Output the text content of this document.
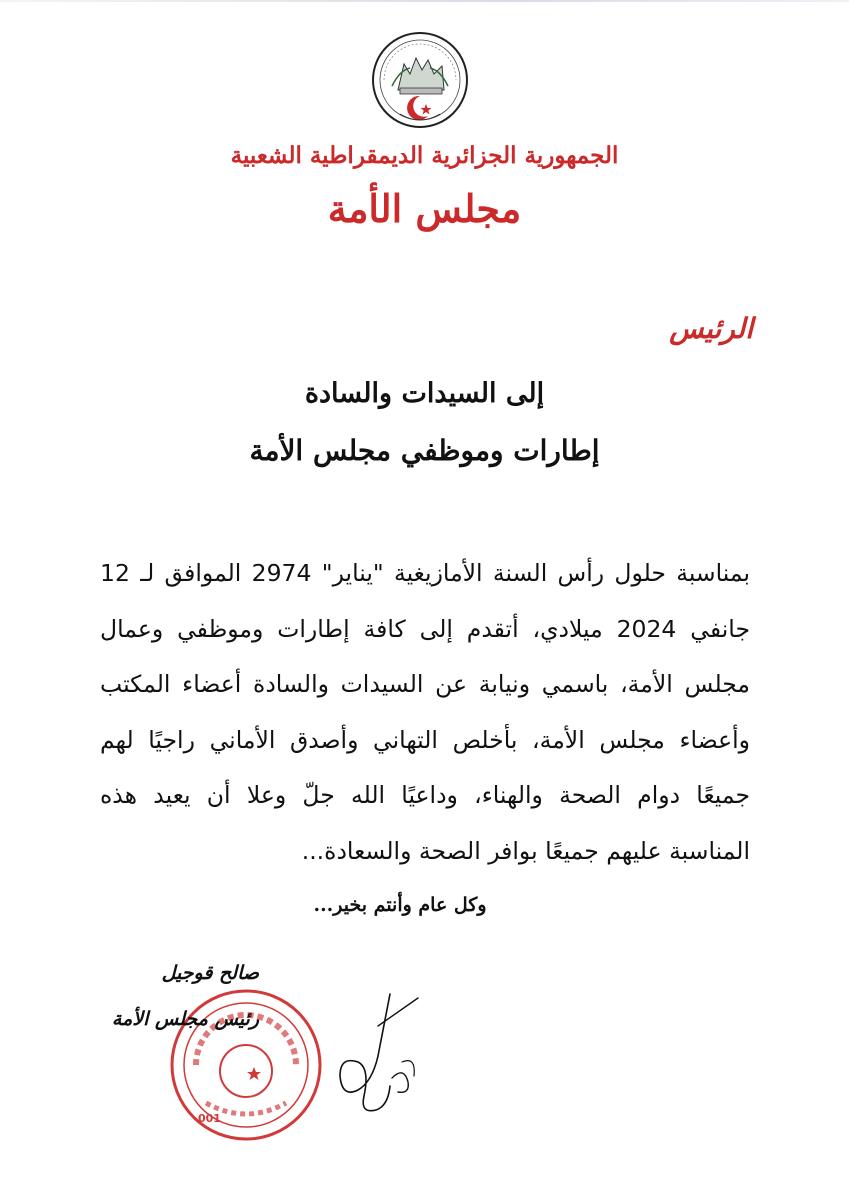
الجمهورية الجزائرية الديمقراطية الشعبية
مجلس الأمة
الرئيس
إلى السيدات والسادة
إطارات وموظفي مجلس الأمة
بمناسبة حلول رأس السنة الأمازيغية "يناير" 2974 الموافق لـ 12 جانفي 2024 ميلادي، أتقدم إلى كافة إطارات وموظفي وعمال مجلس الأمة، باسمي ونيابة عن السيدات والسادة أعضاء المكتب وأعضاء مجلس الأمة، بأخلص التهاني وأصدق الأماني راجيًا لهم جميعًا دوام الصحة والهناء، وداعيًا الله جلّ وعلا أن يعيد هذه المناسبة عليهم جميعًا بوافر الصحة والسعادة...
وكل عام وأنتم بخير...
001
صالح قوجيل
رئيس مجلس الأمة
